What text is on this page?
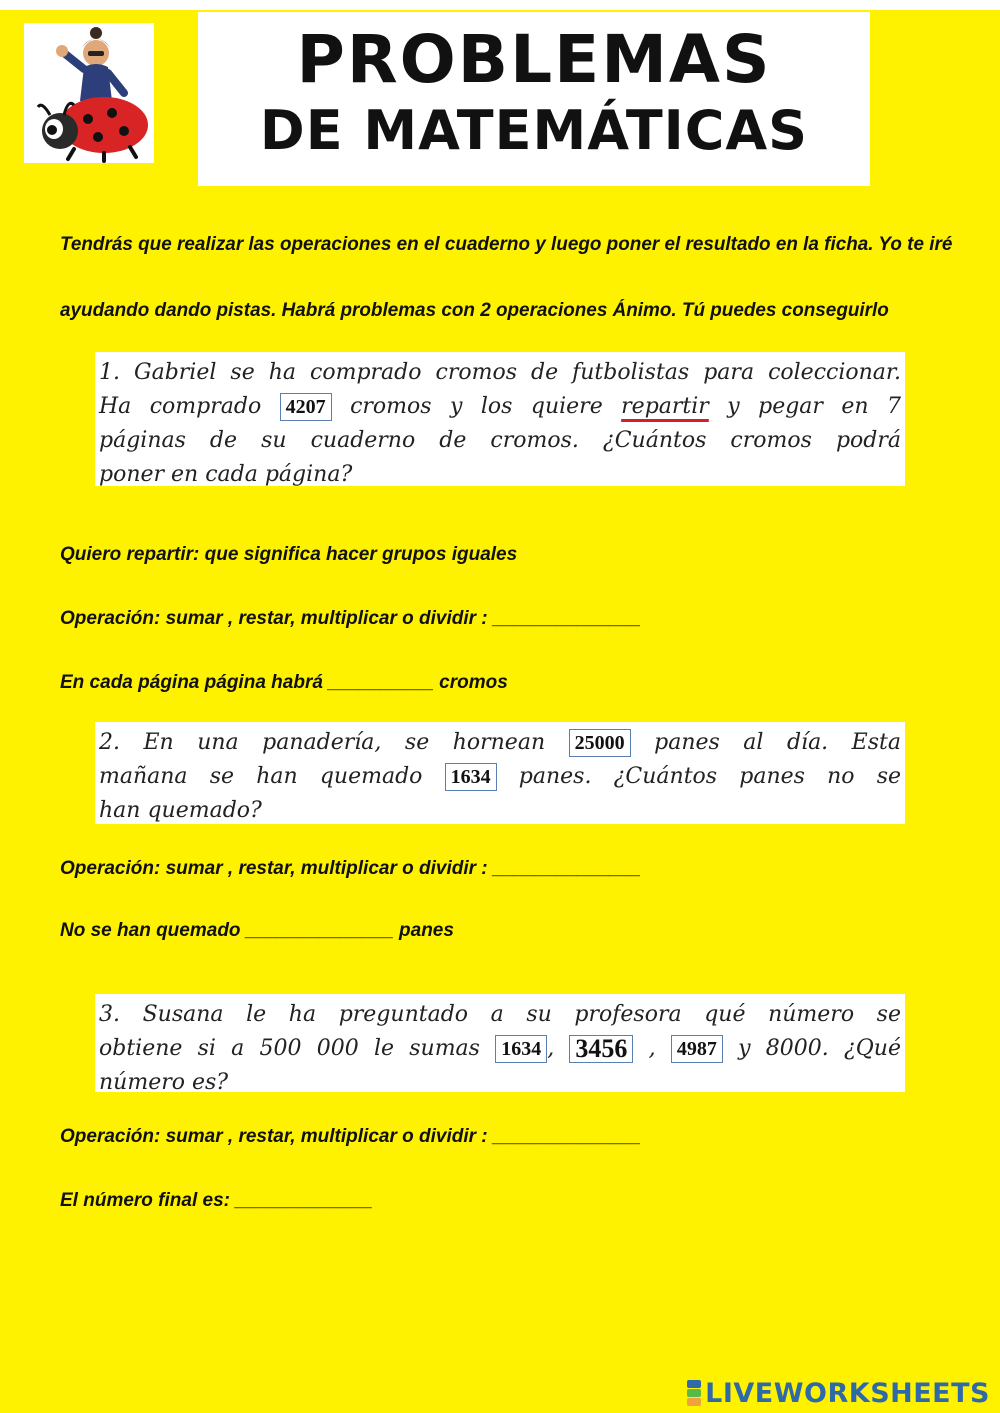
PROBLEMAS
DE MATEMÁTICAS
Tendrás que realizar las operaciones en el cuaderno y luego poner el resultado en la ficha. Yo te iré
ayudando dando pistas. Habrá problemas con 2 operaciones Ánimo. Tú puedes conseguirlo

1. Gabriel se ha comprado cromos de futbolistas para coleccionar.

Ha comprado 4207 cromos y los quiere repartir y pegar en 7

páginas de su cuaderno de cromos. ¿Cuántos cromos podrá

poner en cada página?

Quiero repartir: que significa hacer grupos iguales
Operación: sumar , restar, multiplicar o dividir : ______________
En cada página página habrá __________ cromos

2. En una panadería, se hornean 25000 panes al día. Esta

mañana se han quemado 1634 panes. ¿Cuántos panes no se

han quemado?

Operación: sumar , restar, multiplicar o dividir : ______________
No se han quemado ______________ panes

3. Susana le ha preguntado a su profesora qué número se

obtiene si a 500 000 le sumas 1634 , 3456 , 4987 y 8000. ¿Qué

número es?

Operación: sumar , restar, multiplicar o dividir : ______________
El número final es: _____________
LIVEWORKSHEETS
